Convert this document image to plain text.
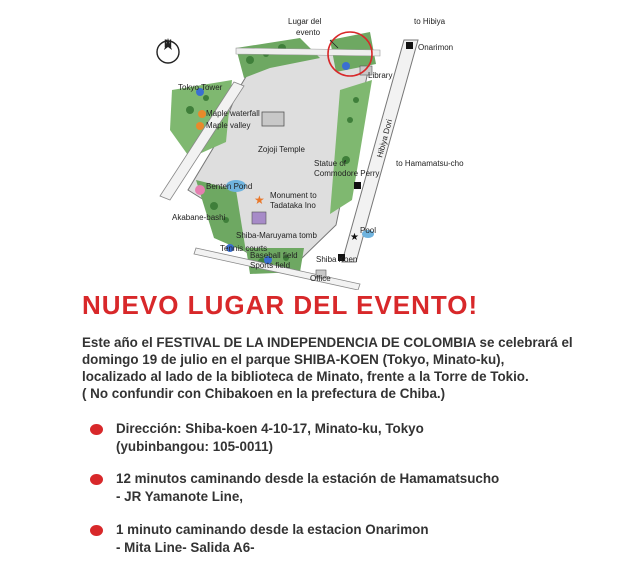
★
★
N
Lugar del
evento
to Hibiya
Onarimon
Library
Tokyo Tower
Maple waterfall
Maple valley
Zojoji Temple	Hibiya Dori
Statue of
Commodore Perry
to Hamamatsu-cho
Benten Pond
Monument to
Tadataka Ino
Akabane-bashi
Shiba-Maruyama tomb
Pool
Tennis courts
Baseball field
Sports field
Shiba Koen
Office
NUEVO LUGAR DEL EVENTO!

Este año el FESTIVAL DE LA INDEPENDENCIA DE COLOMBIA se celebrará el

domingo 19 de julio en el parque SHIBA-KOEN (Tokyo, Minato-ku),

localizado al lado de la biblioteca de Minato, frente a la Torre de Tokio.

( No confundir con Chibakoen en la prefectura de Chiba.)

Dirección: Shiba-koen 4-10-17, Minato-ku, Tokyo
(yubinbangou: 105-0011)
12 minutos caminando desde la estación de Hamamatsucho
- JR Yamanote Line,
1 minuto caminando desde la estacion Onarimon
- Mita Line- Salida A6-
